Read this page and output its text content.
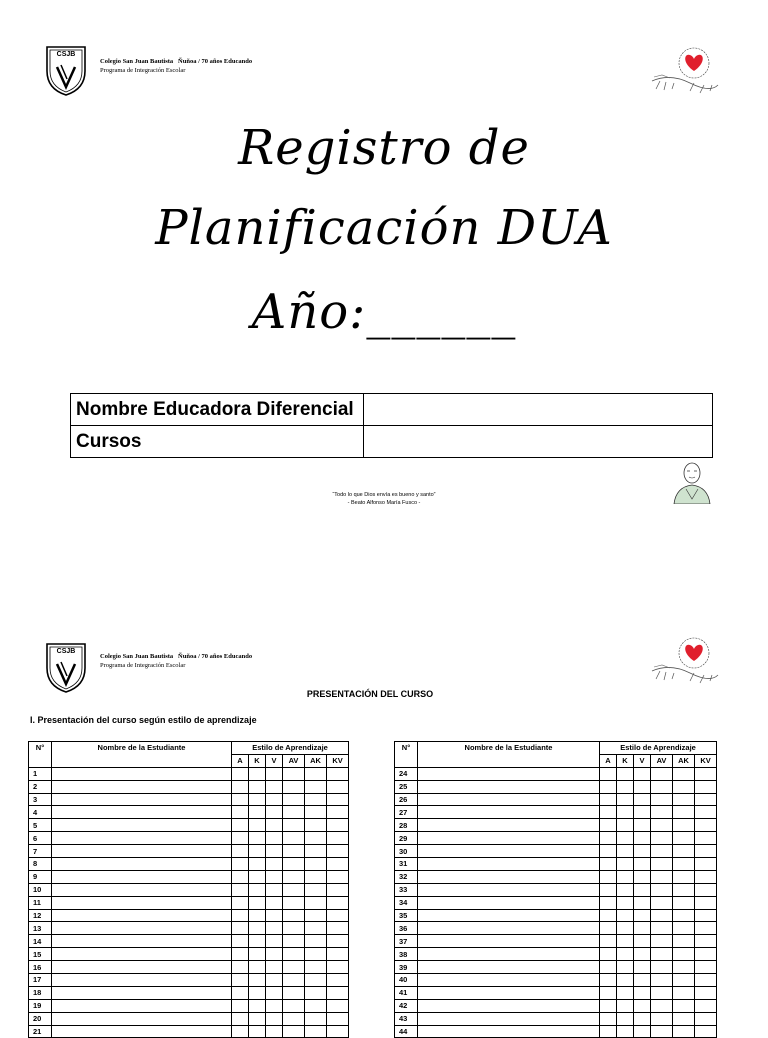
CSJB
Colegio San Juan Bautista Ñuñoa / 70 años Educando
Programa de Integración Escolar
Registro de
Planificación DUA
Año:______
Nombre Educadora Diferencial	
Cursos	
“Todo lo que Dios envía es bueno y santo”
- Beato Alfonso María Fusco -
CSJB
Colegio San Juan Bautista Ñuñoa / 70 años Educando
Programa de Integración Escolar
PRESENTACIÓN DEL CURSO
I. Presentación del curso según estilo de aprendizaje
N°	Nombre de la Estudiante	Estilo de Aprendizaje					
		A	K	V	AV	AK	KV
1							
2							
3							
4							
5							
6							
7							
8							
9							
10							
11							
12							
13							
14							
15							
16							
17							
18							
19							
20							
21							
N°	Nombre de la Estudiante	Estilo de Aprendizaje					
		A	K	V	AV	AK	KV
24							
25							
26							
27							
28							
29							
30							
31							
32							
33							
34							
35							
36							
37							
38							
39							
40							
41							
42							
43							
44							
